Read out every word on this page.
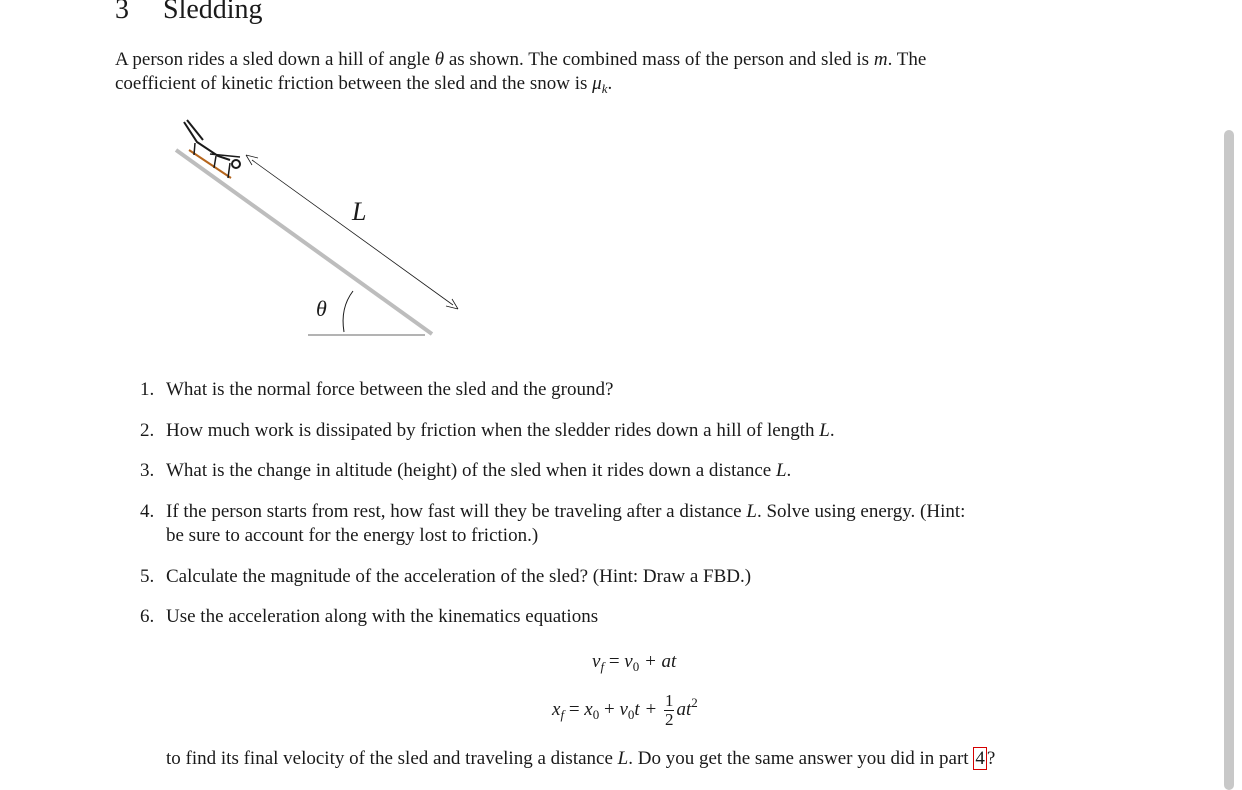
3 Sledding
A person rides a sled down a hill of angle θ as shown. The combined mass of the person and sled is m. The
coefficient of kinetic friction between the sled and the snow is $\mu_k$.
L
θ
1. What is the normal force between the sled and the ground?
2. How much work is dissipated by friction when the sledder rides down a hill of length L.
3. What is the change in altitude (height) of the sled when it rides down a distance L.
4. If the person starts from rest, how fast will they be traveling after a distance L. Solve using energy. (Hint:
be sure to account for the energy lost to friction.)
5. Calculate the magnitude of the acceleration of the sled? (Hint: Draw a FBD.)
6. Use the acceleration along with the kinematics equations
$v_f = v_0$ + at
$x_f = x_0 + v_0t + \frac{1}{2} at^2$
to find its final velocity of the sled and traveling a distance L. Do you get the same answer you did in part 4 ?
